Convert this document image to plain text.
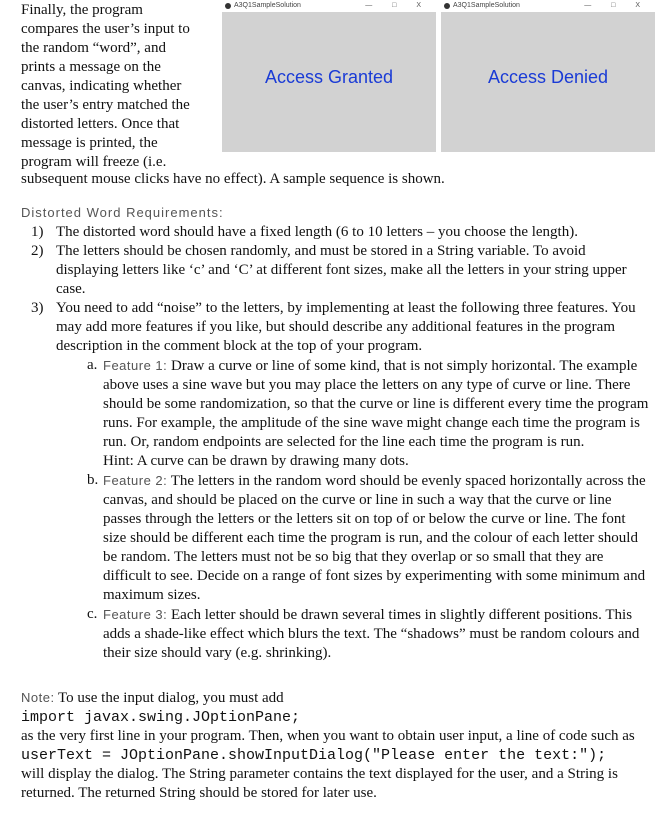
Finally, the program

compares the user’s input to

the random “word”, and

prints a message on the

canvas, indicating whether

the user’s entry matched the

distorted letters. Once that

message is printed, the

program will freeze (i.e.

subsequent mouse clicks have no effect). A sample sequence is shown.
A3Q1SampleSolution	— □ X
Access Granted
A3Q1SampleSolution	— □ X
Access Denied
Distorted Word Requirements:
1) The distorted word should have a fixed length (6 to 10 letters – you choose the length).
2) The letters should be chosen randomly, and must be stored in a String variable. To avoid displaying letters like ‘c’ and ‘C’ at different font sizes, make all the letters in your string upper case.
3) You need to add “noise” to the letters, by implementing at least the following three features. You may add more features if you like, but should describe any additional features in the program description in the comment block at the top of your program.
a. Feature 1: Draw a curve or line of some kind, that is not simply horizontal. The example above uses a sine wave but you may place the letters on any type of curve or line. There should be some randomization, so that the curve or line is different every time the program runs. For example, the amplitude of the sine wave might change each time the program is run. Or, random endpoints are selected for the line each time the program is run.
Hint: A curve can be drawn by drawing many dots.
b. Feature 2: The letters in the random word should be evenly spaced horizontally across the canvas, and should be placed on the curve or line in such a way that the curve or line passes through the letters or the letters sit on top of or below the curve or line. The font size should be different each time the program is run, and the colour of each letter should be random. The letters must not be so big that they overlap or so small that they are difficult to see. Decide on a range of font sizes by experimenting with some minimum and maximum sizes.
c. Feature 3: Each letter should be drawn several times in slightly different positions. This adds a shade-like effect which blurs the text. The “shadows” must be random colours and their size should vary (e.g. shrinking).
Note: To use the input dialog, you must add
import javax.swing.JOptionPane;
as the very first line in your program. Then, when you want to obtain user input, a line of code such as
userText = JOptionPane.showInputDialog("Please enter the text:");
will display the dialog. The String parameter contains the text displayed for the user, and a String is returned. The returned String should be stored for later use.
